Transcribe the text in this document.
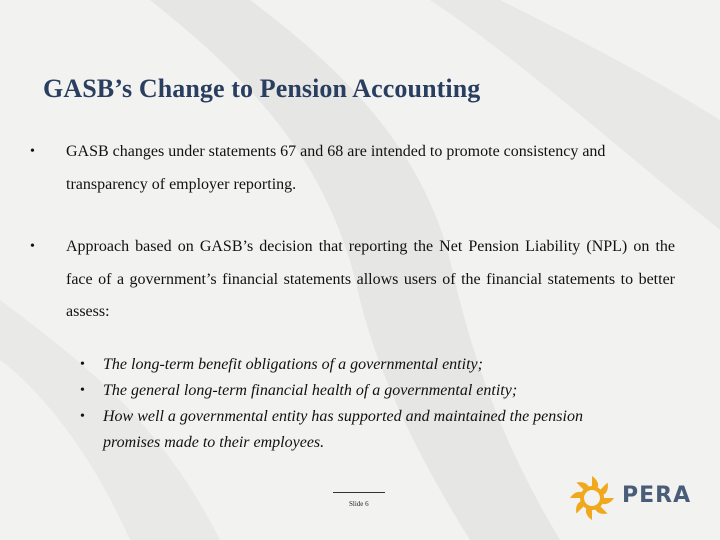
GASB’s Change to Pension Accounting
• GASB changes under statements 67 and 68 are intended to promote consistency and transparency of employer reporting.
• Approach based on GASB’s decision that reporting the Net Pension Liability (NPL) on the face of a government’s financial statements allows users of the financial statements to better assess:
• The long-term benefit obligations of a governmental entity;
• The general long-term financial health of a governmental entity;
• How well a governmental entity has supported and maintained the pension promises made to their employees.
Slide 6	PERA
